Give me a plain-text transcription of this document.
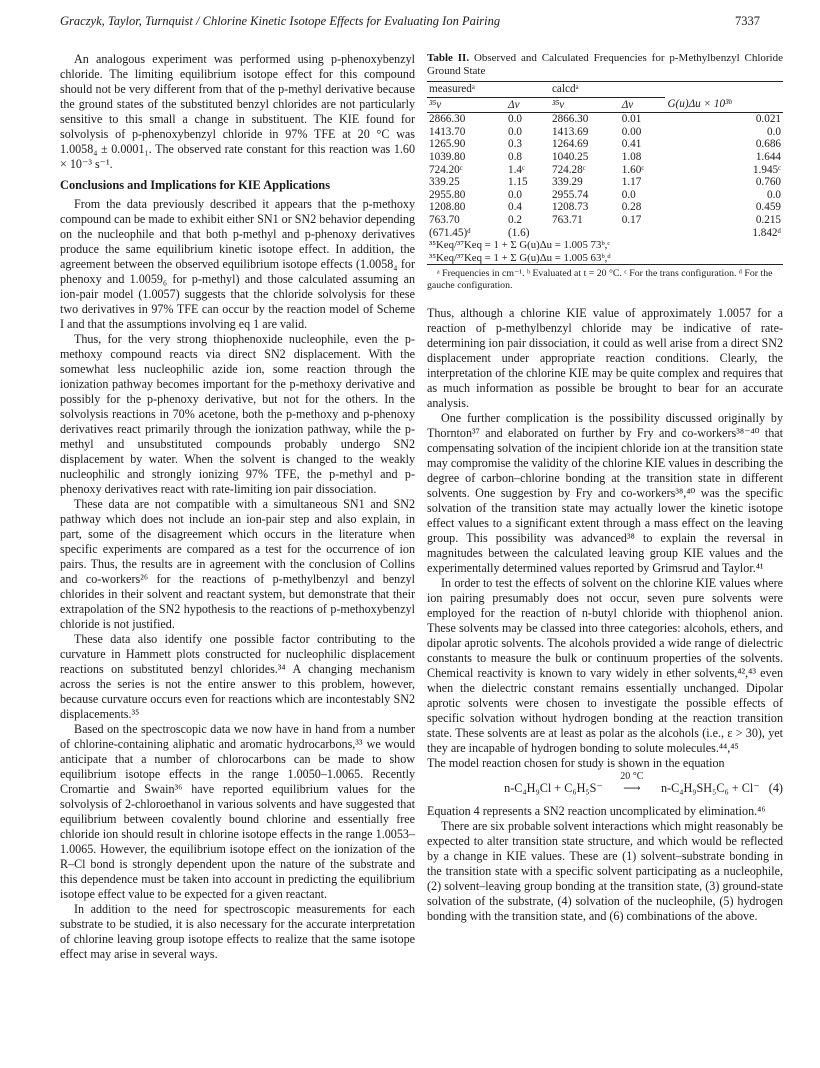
Graczyk, Taylor, Turnquist / Chlorine Kinetic Isotope Effects for Evaluating Ion Pairing	7337

An analogous experiment was performed using p-phenoxybenzyl chloride. The limiting equilibrium isotope effect for this compound should not be very different from that of the p-methyl derivative because the ground states of the substituted benzyl chlorides are not particularly sensitive to this small a change in substituent. The KIE found for solvolysis of p-phenoxybenzyl chloride in 97% TFE at 20 °C was 1.0058₄ ± 0.0001₁. The observed rate constant for this reaction was 1.60 × 10⁻³ s⁻¹.

Conclusions and Implications for KIE Applications

From the data previously described it appears that the p-methoxy compound can be made to exhibit either SN1 or SN2 behavior depending on the nucleophile and that both p-methyl and p-phenoxy derivatives produce the same equilibrium kinetic isotope effect. In addition, the agreement between the observed equilibrium isotope effects (1.0058₄ for phenoxy and 1.0059₆ for p-methyl) and those calculated assuming an ion-pair model (1.0057) suggests that the chloride solvolysis for these two derivatives in 97% TFE can occur by the reaction model of Scheme I and that the assumptions involving eq 1 are valid.

Thus, for the very strong thiophenoxide nucleophile, even the p-methoxy compound reacts via direct SN2 displacement. With the somewhat less nucleophilic azide ion, some reaction through the ionization pathway becomes important for the p-methoxy derivative and possibly for the p-phenoxy derivative, but not for the others. In the solvolysis reactions in 70% acetone, both the p-methoxy and p-phenoxy derivatives react primarily through the ionization pathway, while the p-methyl and unsubstituted compounds probably undergo SN2 displacement by water. When the solvent is changed to the weakly nucleophilic and strongly ionizing 97% TFE, the p-methyl and p-phenoxy derivatives react with rate-limiting ion pair dissociation.

These data are not compatible with a simultaneous SN1 and SN2 pathway which does not include an ion-pair step and also explain, in part, some of the disagreement which occurs in the literature when specific experiments are compared as a test for the occurrence of ion pairs. Thus, the results are in agreement with the conclusion of Collins and co-workers²⁶ for the reactions of p-methylbenzyl and benzyl chlorides in their solvent and reactant system, but demonstrate that their extrapolation of the SN2 hypothesis to the reactions of p-methoxybenzyl chloride is not justified.

These data also identify one possible factor contributing to the curvature in Hammett plots constructed for nucleophilic displacement reactions on substituted benzyl chlorides.³⁴ A changing mechanism across the series is not the entire answer to this problem, however, because curvature occurs even for reactions which are incontestably SN2 displacements.³⁵

Based on the spectroscopic data we now have in hand from a number of chlorine-containing aliphatic and aromatic hydrocarbons,³³ we would anticipate that a number of chlorocarbons can be made to show equilibrium isotope effects in the range 1.0050–1.0065. Recently Cromartie and Swain³⁶ have reported equilibrium values for the solvolysis of 2-chloroethanol in various solvents and have suggested that equilibrium between covalently bound chlorine and essentially free chloride ion should result in chlorine isotope effects in the range 1.0053–1.0065. However, the equilibrium isotope effect on the ionization of the R–Cl bond is strongly dependent upon the nature of the substrate and this dependence must be taken into account in predicting the equilibrium isotope effect value to be expected for a given reactant.

In addition to the need for spectroscopic measurements for each substrate to be studied, it is also necessary for the accurate interpretation of chlorine leaving group isotope effects to realize that the same isotope effect may arise in several ways.

Table II. Observed and Calculated Frequencies for p-Methylbenzyl Chloride Ground State
measuredᵃ		calcdᵃ		
³⁵ν	Δν	³⁵ν	Δν	G(u)Δu × 10³ᵇ
2866.30	0.0	2866.30	0.01	0.021
1413.70	0.0	1413.69	0.00	0.0
1265.90	0.3	1264.69	0.41	0.686
1039.80	0.8	1040.25	1.08	1.644
724.20ᶜ	1.4ᶜ	724.28ᶜ	1.60ᶜ	1.945ᶜ
339.25	1.15	339.29	1.17	0.760
2955.80	0.0	2955.74	0.0	0.0
1208.80	0.4	1208.73	0.28	0.459
763.70	0.2	763.71	0.17	0.215
(671.45)ᵈ	(1.6)			1.842ᵈ
³⁵Keq/³⁷Keq = 1 + Σ G(u)Δu = 1.005 73ᵇ,ᶜ				
³⁵Keq/³⁷Keq = 1 + Σ G(u)Δu = 1.005 63ᵇ,ᵈ				
ᵃ Frequencies in cm⁻¹. ᵇ Evaluated at t = 20 °C. ᶜ For the trans configuration. ᵈ For the gauche configuration.

Thus, although a chlorine KIE value of approximately 1.0057 for a reaction of p-methylbenzyl chloride may be indicative of rate-determining ion pair dissociation, it could as well arise from a direct SN2 displacement under appropriate reaction conditions. Clearly, the interpretation of the chlorine KIE may be quite complex and requires that as much information as possible be brought to bear for an accurate analysis.

One further complication is the possibility discussed originally by Thornton³⁷ and elaborated on further by Fry and co-workers³⁸⁻⁴⁰ that compensating solvation of the incipient chloride ion at the transition state may compromise the validity of the chlorine KIE values in describing the degree of carbon–chlorine bonding at the transition state in different solvents. One suggestion by Fry and co-workers³⁸,⁴⁰ was the specific solvation of the transition state may actually lower the kinetic isotope effect values to a significant extent through a mass effect on the leaving group. This possibility was advanced³⁸ to explain the reversal in magnitudes between the calculated leaving group KIE values and the experimentally determined values reported by Grimsrud and Taylor.⁴¹

In order to test the effects of solvent on the chlorine KIE values where ion pairing presumably does not occur, seven pure solvents were employed for the reaction of n-butyl chloride with thiophenol anion. These solvents may be classed into three categories: alcohols, ethers, and dipolar aprotic solvents. The alcohols provided a wide range of dielectric constants to measure the bulk or continuum properties of the solvents. Chemical reactivity is known to vary widely in ether solvents,⁴²,⁴³ even when the dielectric constant remains essentially unchanged. Dipolar aprotic solvents were chosen to investigate the possible effects of specific solvation without hydrogen bonding at the reaction transition state. These solvents are at least as polar as the alcohols (i.e., ε > 30), yet they are incapable of hydrogen bonding to solute molecules.⁴⁴,⁴⁵

The model reaction chosen for study is shown in the equation

n-C₄H₉Cl + C₆H₅S⁻
20 °C
⟶ n-C₄H₉SH₅C₆ + Cl⁻ (4)

Equation 4 represents a SN2 reaction uncomplicated by elimination.⁴⁶

There are six probable solvent interactions which might reasonably be expected to alter transition state structure, and which would be reflected by a change in KIE values. These are (1) solvent–substrate bonding in the transition state with a specific solvent participating as a nucleophile, (2) solvent–leaving group bonding at the transition state, (3) ground-state solvation of the substrate, (4) solvation of the nucleophile, (5) hydrogen bonding with the transition state, and (6) combinations of the above.
